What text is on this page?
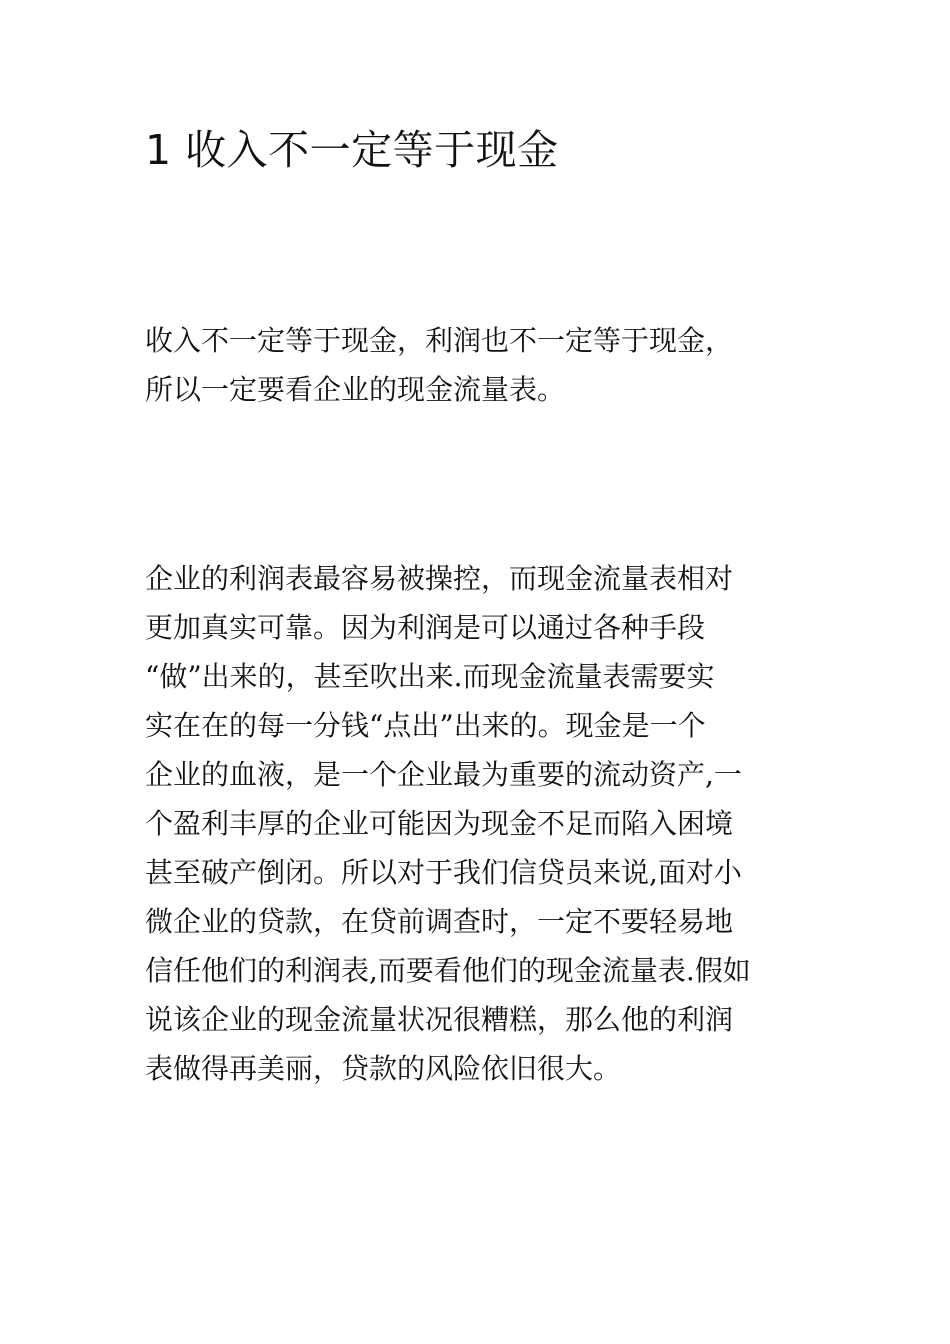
1 收入不一定等于现金

收入不一定等于现金，利润也不一定等于现金，
所以一定要看企业的现金流量表。

企业的利润表最容易被操控，而现金流量表相对
更加真实可靠。因为利润是可以通过各种手段
“做”出来的，甚至吹出来.而现金流量表需要实
实在在的每一分钱“点出”出来的。现金是一个
企业的血液，是一个企业最为重要的流动资产,一
个盈利丰厚的企业可能因为现金不足而陷入困境
甚至破产倒闭。所以对于我们信贷员来说,面对小
微企业的贷款，在贷前调查时，一定不要轻易地
信任他们的利润表,而要看他们的现金流量表.假如
说该企业的现金流量状况很糟糕，那么他的利润
表做得再美丽，贷款的风险依旧很大。
